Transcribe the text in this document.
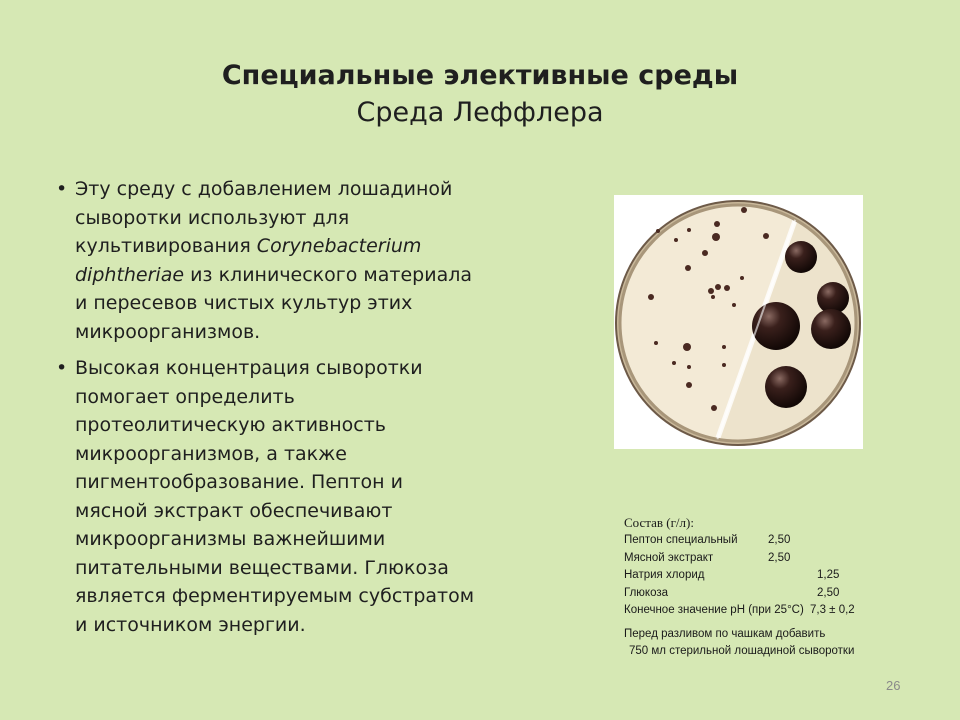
Специальные элективные среды
Среда Леффлера
• Эту среду с добавлением лошадиной сыворотки используют для культивирования Corynebacterium diphtheriae из клинического материала и пересевов чистых культур этих микроорганизмов.
• Высокая концентрация сыворотки помогает определить протеолитическую активность микроорганизмов, а также пигментообразование. Пептон и мясной экстракт обеспечивают микроорганизмы важнейшими питательными веществами. Глюкоза является ферментируемым субстратом и источником энергии.
Состав (г/л):
Пептон специальный	2,50
Мясной экстракт	2,50
Натрия хлорид	1,25
Глюкоза	2,50
Конечное значение рН (при 25°С) 7,3 ± 0,2
Перед разливом по чашкам добавить
750 мл стерильной лошадиной сыворотки
26
